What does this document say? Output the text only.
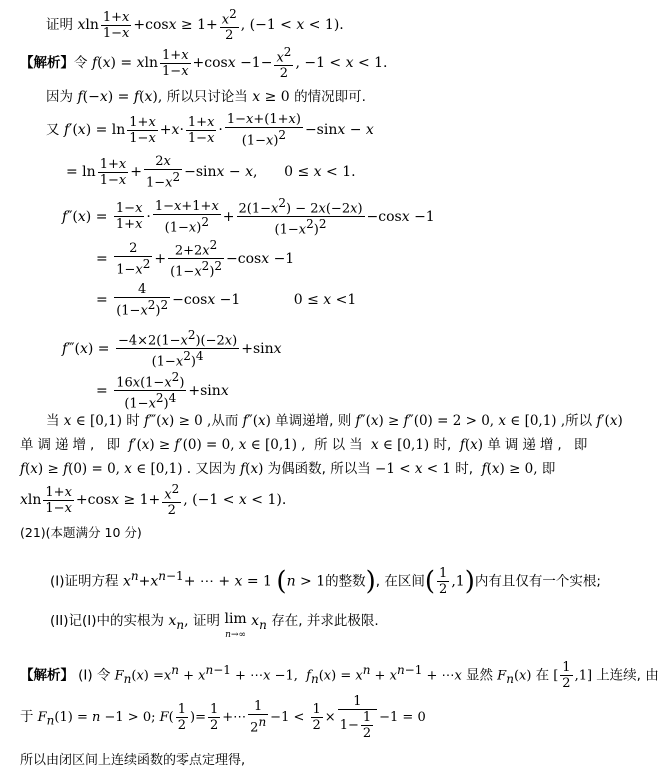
证明 xln $\frac{1+x}{1-x} +\cos x \ge 1+ \frac{x^2}{2}$ , (−1 < x < 1).
【解析】令 f(x) = xln $\frac{1+x}{1-x} +\cos x -1- \frac{x^2}{2}$ , −1 < x < 1.
因为 f(−x) = f(x), 所以只讨论当 x ≥ 0 的情况即可.
又 $f'(x) = \ln \frac{1+x}{1-x} +x\cdot \frac{1+x}{1-x} \cdot \frac{1-x+(1+x)}{(1-x)^2} -\sin x - x$
= $\ln \frac{1+x}{1-x} + \frac{2x}{1-x^2} -\sin x - x$,      0 ≤ x < 1.
$f''(x) = \frac{1-x}{1+x} \cdot \frac{1-x+1+x}{(1-x)^2} + \frac{2(1-x^2) - 2x(-2x)}{(1-x^2)^2} -\cos x -1$
= $\frac{2}{1-x^2} + \frac{2+2x^2}{(1-x^2)^2} -\cos x -1$
= $\frac{4}{(1-x^2)^2} -\cos x -1$            0 ≤ x <1
f‴(x) = $\frac{-4\times 2(1-x^2)(-2x)}{(1-x^2)^4} +\sin x$
= $\frac{16x(1-x^2)}{(1-x^2)^4} +\sin x$
当 x ∈ [0,1) 时 f‴(x) ≥ 0 ,从而 f″(x) 单调递增, 则 f″(x) ≥ f″(0) = 2 > 0, x ∈ [0,1) ,所以 f′(x)
单调递增, 即 f′(x) ≥ f′(0) = 0, x ∈ [0,1) ,  所以当 x ∈ [0,1) 时, f(x) 单调递增, 即
f(x) ≥ f(0) = 0, x ∈ [0,1) . 又因为 f(x) 为偶函数, 所以当 −1 < x < 1 时, f(x) ≥ 0, 即
xln $\frac{1+x}{1-x} +\cos x \ge 1+ \frac{x^2}{2}$ , (−1 < x < 1).
(21)(本题满分 10 分)
(I)证明方程 $x^n+x^{n-1}+$ ⋯ + x = 1 (n > 1的整数), 在区间( $\frac{1}{2} ,1$)内有且仅有一个实根;
(II)记(I)中的实根为 $x_n$, 证明 lim
n→∞ $x_n$ 存在, 并求此极限.
【解析】 (I) 令 $F_n(x) =x^n + x^{n-1}$ + ⋯x −1,  $f_n(x) = x^n + x^{n-1}$ + ⋯x 显然 $F_n(x)$ 在 [ $\frac{1}{2} ,1$] 上连续, 由
于 $F_n(1) = n -1 > 0$; $F( \frac{1}{2}$ )= $\frac{1}{2}$ +⋯ $\frac{1}{2^n} -1 < \frac{1}{2} \times \frac{1}{1- \frac{1}{2}} -1 = 0$
所以由闭区间上连续函数的零点定理得,
